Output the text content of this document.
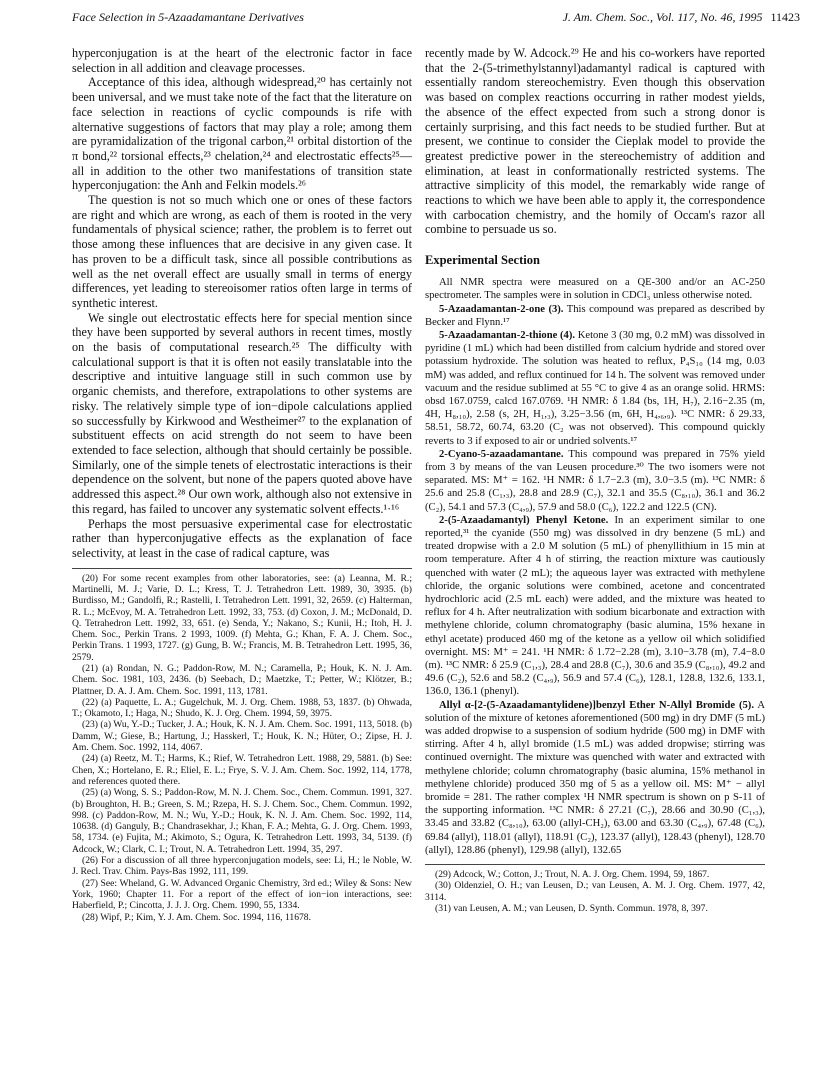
Face Selection in 5-Azaadamantane Derivatives	J. Am. Chem. Soc., Vol. 117, No. 46, 1995 11423

hyperconjugation is at the heart of the electronic factor in face selection in all addition and cleavage processes.

Acceptance of this idea, although widespread,²⁰ has certainly not been universal, and we must take note of the fact that the literature on face selection in reactions of cyclic compounds is rife with alternative suggestions of factors that may play a role; among them are pyramidalization of the trigonal carbon,²¹ orbital distortion of the π bond,²² torsional effects,²³ chelation,²⁴ and electrostatic effects²⁵—all in addition to the other two manifestations of transition state hyperconjugation: the Anh and Felkin models.²⁶

The question is not so much which one or ones of these factors are right and which are wrong, as each of them is rooted in the very fundamentals of physical science; rather, the problem is to ferret out those among these influences that are decisive in any given case. It has proven to be a difficult task, since all possible contributions as well as the net overall effect are usually small in terms of energy differences, yet leading to stereoisomer ratios often large in terms of synthetic interest.

We single out electrostatic effects here for special mention since they have been supported by several authors in recent times, mostly on the basis of computational research.²⁵ The difficulty with calculational support is that it is often not easily translatable into the descriptive and intuitive language still in such common use by organic chemists, and therefore, extrapolations to other systems are risky. The relatively simple type of ion−dipole calculations applied so successfully by Kirkwood and Westheimer²⁷ to the explanation of substituent effects on acid strength do not seem to have been extended to face selection, although that should certainly be possible. Similarly, one of the simple tenets of electrostatic interactions is their dependence on the solvent, but none of the papers quoted above have addressed this aspect.²⁸ Our own work, although also not extensive in this regard, has failed to uncover any systematic solvent effects.¹·¹⁶

Perhaps the most persuasive experimental case for electrostatic rather than hyperconjugative effects as the explanation of face selectivity, at least in the case of radical capture, was

(20) For some recent examples from other laboratories, see: (a) Leanna, M. R.; Martinelli, M. J.; Varie, D. L.; Kress, T. J. Tetrahedron Lett. 1989, 30, 3935. (b) Burdisso, M.; Gandolfi, R.; Rastelli, I. Tetrahedron Lett. 1991, 32, 2659. (c) Halterman, R. L.; McEvoy, M. A. Tetrahedron Lett. 1992, 33, 753. (d) Coxon, J. M.; McDonald, D. Q. Tetrahedron Lett. 1992, 33, 651. (e) Senda, Y.; Nakano, S.; Kunii, H.; Itoh, H. J. Chem. Soc., Perkin Trans. 2 1993, 1009. (f) Mehta, G.; Khan, F. A. J. Chem. Soc., Perkin Trans. 1 1993, 1727. (g) Gung, B. W.; Francis, M. B. Tetrahedron Lett. 1995, 36, 2579.

(21) (a) Rondan, N. G.; Paddon-Row, M. N.; Caramella, P.; Houk, K. N. J. Am. Chem. Soc. 1981, 103, 2436. (b) Seebach, D.; Maetzke, T.; Petter, W.; Klötzer, B.; Plattner, D. A. J. Am. Chem. Soc. 1991, 113, 1781.

(22) (a) Paquette, L. A.; Gugelchuk, M. J. Org. Chem. 1988, 53, 1837. (b) Ohwada, T.; Okamoto, I.; Haga, N.; Shudo, K. J. Org. Chem. 1994, 59, 3975.

(23) (a) Wu, Y.-D.; Tucker, J. A.; Houk, K. N. J. Am. Chem. Soc. 1991, 113, 5018. (b) Damm, W.; Giese, B.; Hartung, J.; Hasskerl, T.; Houk, K. N.; Hüter, O.; Zipse, H. J. Am. Chem. Soc. 1992, 114, 4067.

(24) (a) Reetz, M. T.; Harms, K.; Rief, W. Tetrahedron Lett. 1988, 29, 5881. (b) See: Chen, X.; Hortelano, E. R.; Eliel, E. L.; Frye, S. V. J. Am. Chem. Soc. 1992, 114, 1778, and references quoted there.

(25) (a) Wong, S. S.; Paddon-Row, M. N. J. Chem. Soc., Chem. Commun. 1991, 327. (b) Broughton, H. B.; Green, S. M.; Rzepa, H. S. J. Chem. Soc., Chem. Commun. 1992, 998. (c) Paddon-Row, M. N.; Wu, Y.-D.; Houk, K. N. J. Am. Chem. Soc. 1992, 114, 10638. (d) Ganguly, B.; Chandrasekhar, J.; Khan, F. A.; Mehta, G. J. Org. Chem. 1993, 58, 1734. (e) Fujita, M.; Akimoto, S.; Ogura, K. Tetrahedron Lett. 1993, 34, 5139. (f) Adcock, W.; Clark, C. I.; Trout, N. A. Tetrahedron Lett. 1994, 35, 297.

(26) For a discussion of all three hyperconjugation models, see: Li, H.; le Noble, W. J. Recl. Trav. Chim. Pays-Bas 1992, 111, 199.

(27) See: Wheland, G. W. Advanced Organic Chemistry, 3rd ed.; Wiley & Sons: New York, 1960; Chapter 11. For a report of the effect of ion−ion interactions, see: Haberfield, P.; Cincotta, J. J. J. Org. Chem. 1990, 55, 1334.

(28) Wipf, P.; Kim, Y. J. Am. Chem. Soc. 1994, 116, 11678.

recently made by W. Adcock.²⁹ He and his co-workers have reported that the 2-(5-trimethylstannyl)adamantyl radical is captured with essentially random stereochemistry. Even though this observation was based on complex reactions occurring in rather modest yields, the absence of the effect expected from such a strong donor is certainly surprising, and this fact needs to be studied further. But at present, we continue to consider the Cieplak model to provide the greatest predictive power in the stereochemistry of addition and elimination, at least in conformationally restricted systems. The attractive simplicity of this model, the remarkably wide range of reactions to which we have been able to apply it, the correspondence with carbocation chemistry, and the homily of Occam's razor all combine to persuade us so.

Experimental Section

All NMR spectra were measured on a QE-300 and/or an AC-250 spectrometer. The samples were in solution in CDCl₃ unless otherwise noted.

5-Azaadamantan-2-one (3). This compound was prepared as described by Becker and Flynn.¹⁷

5-Azaadamantan-2-thione (4). Ketone 3 (30 mg, 0.2 mM) was dissolved in pyridine (1 mL) which had been distilled from calcium hydride and stored over potassium hydroxide. The solution was heated to reflux, P₄S₁₀ (14 mg, 0.03 mM) was added, and reflux continued for 14 h. The solvent was removed under vacuum and the residue sublimed at 55 °C to give 4 as an orange solid. HRMS: obsd 167.0759, calcd 167.0769. ¹H NMR: δ 1.84 (bs, 1H, H₇), 2.16−2.35 (m, 4H, H₈,₁₀), 2.58 (s, 2H, H₁,₃), 3.25−3.56 (m, 6H, H₄,₆,₉). ¹³C NMR: δ 29.33, 58.51, 58.72, 60.74, 63.20 (C₂ was not observed). This compound quickly reverts to 3 if exposed to air or undried solvents.¹⁷

2-Cyano-5-azaadamantane. This compound was prepared in 75% yield from 3 by means of the van Leusen procedure.³⁰ The two isomers were not separated. MS: M⁺ = 162. ¹H NMR: δ 1.7−2.3 (m), 3.0−3.5 (m). ¹³C NMR: δ 25.6 and 25.8 (C₁,₃), 28.8 and 28.9 (C₇), 32.1 and 35.5 (C₈,₁₀), 36.1 and 36.2 (C₂), 54.1 and 57.3 (C₄,₉), 57.9 and 58.0 (C₆), 122.2 and 122.5 (CN).

2-(5-Azaadamantyl) Phenyl Ketone. In an experiment similar to one reported,³¹ the cyanide (550 mg) was dissolved in dry benzene (5 mL) and treated dropwise with a 2.0 M solution (5 mL) of phenyllithium in 15 min at room temperature. After 4 h of stirring, the reaction mixture was cautiously quenched with water (2 mL); the aqueous layer was extracted with methylene chloride, the organic solutions were combined, acetone and concentrated hydrochloric acid (2.5 mL each) were added, and the mixture was heated to reflux for 4 h. After neutralization with sodium bicarbonate and extraction with methylene chloride, column chromatography (basic alumina, 15% hexane in ethyl acetate) produced 460 mg of the ketone as a yellow oil which solidified overnight. MS: M⁺ = 241. ¹H NMR: δ 1.72−2.28 (m), 3.10−3.78 (m), 7.4−8.0 (m). ¹³C NMR: δ 25.9 (C₁,₃), 28.4 and 28.8 (C₇), 30.6 and 35.9 (C₈,₁₀), 49.2 and 49.6 (C₂), 52.6 and 58.2 (C₄,₉), 56.9 and 57.4 (C₆), 128.1, 128.8, 132.6, 133.1, 136.0, 136.1 (phenyl).

Allyl α-[2-(5-Azaadamantylidene)]benzyl Ether N-Allyl Bromide (5). A solution of the mixture of ketones aforementioned (500 mg) in dry DMF (5 mL) was added dropwise to a suspension of sodium hydride (500 mg) in DMF with stirring. After 4 h, allyl bromide (1.5 mL) was added dropwise; stirring was continued overnight. The mixture was quenched with water and extracted with methylene chloride; column chromatography (basic alumina, 15% methanol in methylene chloride) produced 350 mg of 5 as a yellow oil. MS: M⁺ − allyl bromide = 281. The rather complex ¹H NMR spectrum is shown on p S-11 of the supporting information. ¹³C NMR: δ 27.21 (C₇), 28.66 and 30.90 (C₁,₃), 33.45 and 33.82 (C₈,₁₀), 63.00 (allyl-CH₂), 63.00 and 63.30 (C₄,₉), 67.48 (C₆), 69.84 (allyl), 118.01 (allyl), 118.91 (C₂), 123.37 (allyl), 128.43 (phenyl), 128.70 (allyl), 128.86 (phenyl), 129.98 (allyl), 132.65

(29) Adcock, W.; Cotton, J.; Trout, N. A. J. Org. Chem. 1994, 59, 1867.

(30) Oldenziel, O. H.; van Leusen, D.; van Leusen, A. M. J. Org. Chem. 1977, 42, 3114.

(31) van Leusen, A. M.; van Leusen, D. Synth. Commun. 1978, 8, 397.
